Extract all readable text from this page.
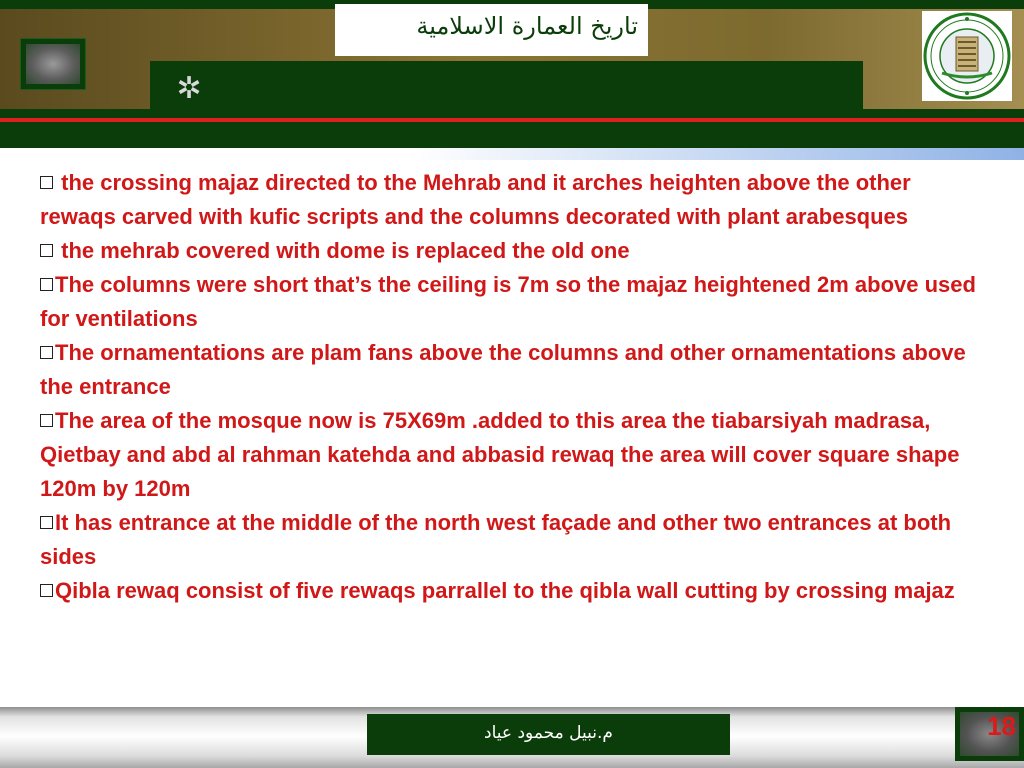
✲
تاريخ العمارة الاسلامية
the crossing majaz directed to the Mehrab and it arches heighten above the other rewaqs carved with kufic scripts and the columns decorated with plant arabesques
the mehrab covered with dome is replaced the old one
The columns were short that’s the ceiling is 7m so the majaz heightened 2m above used for ventilations
The ornamentations are plam fans above the columns and other ornamentations above the entrance
The area of the mosque now is 75X69m .added to this area the tiabarsiyah madrasa, Qietbay and abd al rahman katehda and abbasid rewaq the area will cover square shape 120m by 120m
It has entrance at the middle of the north west façade and other two entrances at both sides
Qibla rewaq consist of five rewaqs parrallel to the qibla wall cutting by crossing majaz
م.نبيل محمود عياد	18
